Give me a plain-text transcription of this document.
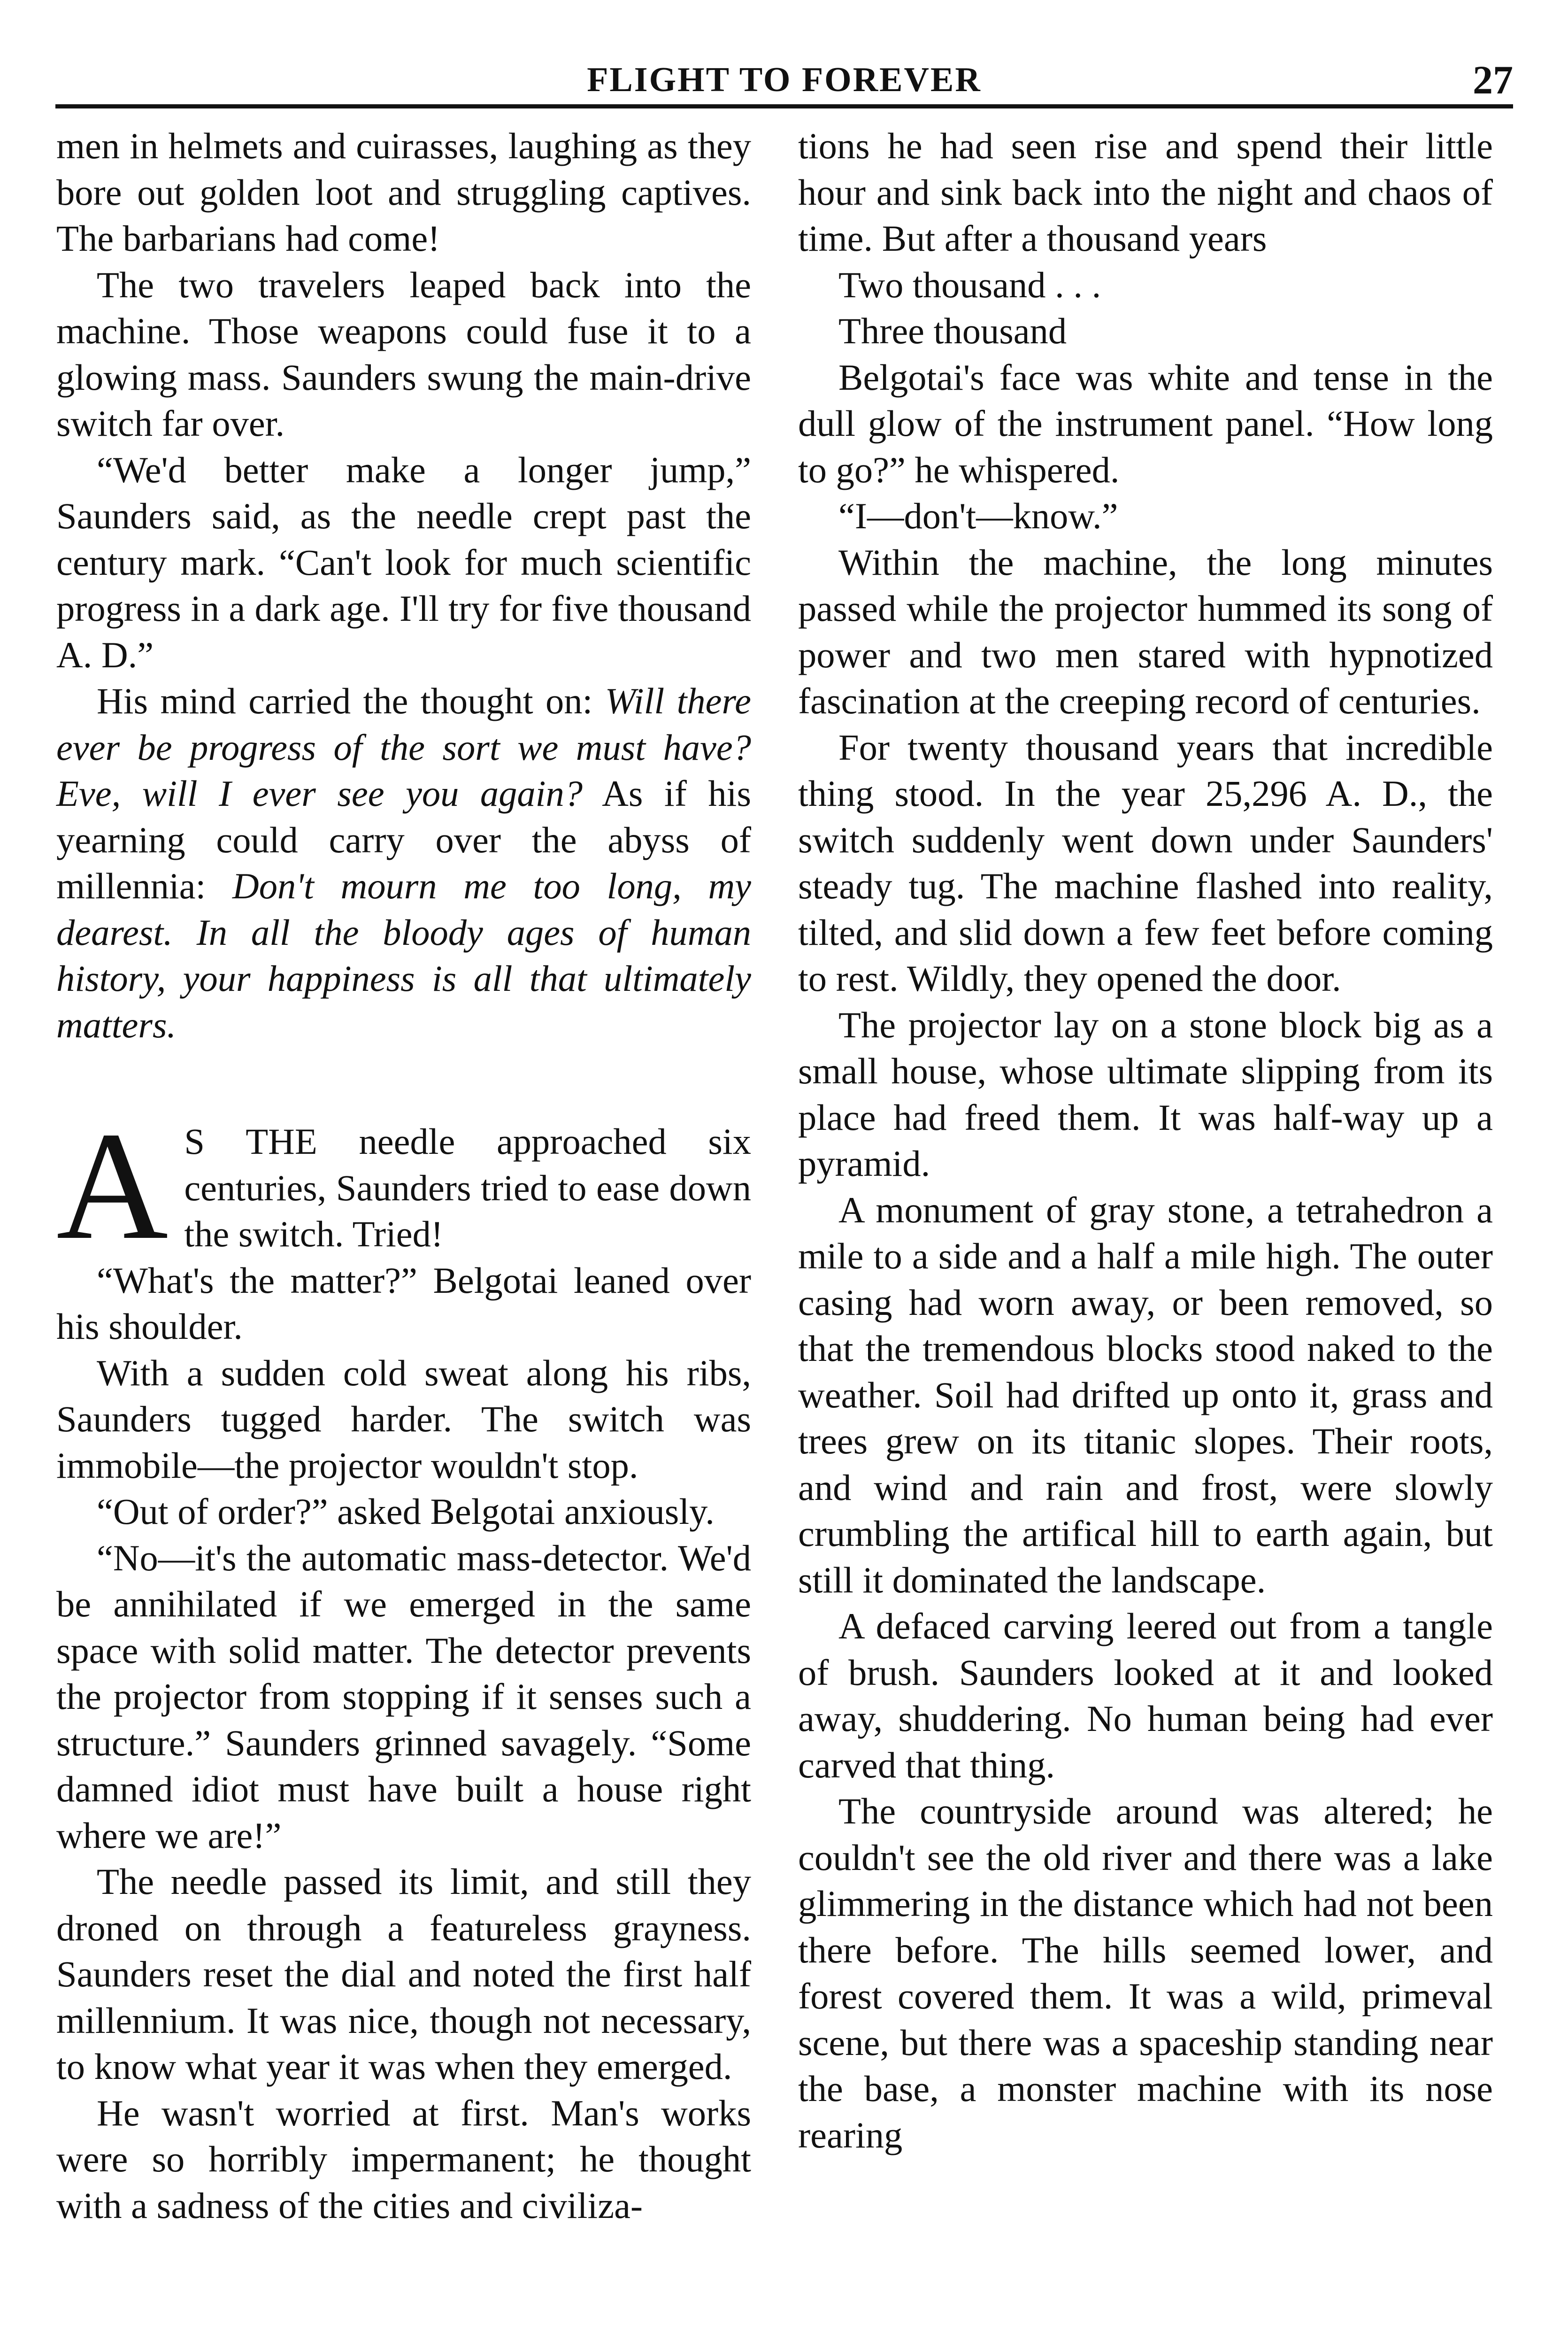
FLIGHT TO FOREVER	27

men in helmets and cuirasses, laughing as they bore out golden loot and struggling captives. The barbarians had come!

The two travelers leaped back into the machine. Those weapons could fuse it to a glowing mass. Saunders swung the main-drive switch far over.

“We'd better make a longer jump,” Saunders said, as the needle crept past the century mark. “Can't look for much scientific progress in a dark age. I'll try for five thousand A. D.”

His mind carried the thought on: Will there ever be progress of the sort we must have? Eve, will I ever see you again? As if his yearning could carry over the abyss of millennia: Don't mourn me too long, my dearest. In all the bloody ages of human history, your happiness is all that ultimately matters.

A S THE needle approached six centuries, Saunders tried to ease down the switch. Tried!

“What's the matter?” Belgotai leaned over his shoulder.

With a sudden cold sweat along his ribs, Saunders tugged harder. The switch was immobile—the projector wouldn't stop.

“Out of order?” asked Belgotai anxiously.

“No—it's the automatic mass-detector. We'd be annihilated if we emerged in the same space with solid matter. The detector prevents the projector from stopping if it senses such a structure.” Saunders grinned savagely. “Some damned idiot must have built a house right where we are!”

The needle passed its limit, and still they droned on through a featureless grayness. Saunders reset the dial and noted the first half millennium. It was nice, though not necessary, to know what year it was when they emerged.

He wasn't worried at first. Man's works were so horribly impermanent; he thought with a sadness of the cities and civiliza-

tions he had seen rise and spend their little hour and sink back into the night and chaos of time. But after a thousand years

Two thousand . . .

Three thousand

Belgotai's face was white and tense in the dull glow of the instrument panel. “How long to go?” he whispered.

“I—don't—know.”

Within the machine, the long minutes passed while the projector hummed its song of power and two men stared with hypnotized fascination at the creeping record of centuries.

For twenty thousand years that incredible thing stood. In the year 25,296 A. D., the switch suddenly went down under Saunders' steady tug. The machine flashed into reality, tilted, and slid down a few feet before coming to rest. Wildly, they opened the door.

The projector lay on a stone block big as a small house, whose ultimate slipping from its place had freed them. It was half-way up a pyramid.

A monument of gray stone, a tetrahedron a mile to a side and a half a mile high. The outer casing had worn away, or been removed, so that the tremendous blocks stood naked to the weather. Soil had drifted up onto it, grass and trees grew on its titanic slopes. Their roots, and wind and rain and frost, were slowly crumbling the artifical hill to earth again, but still it dominated the landscape.

A defaced carving leered out from a tangle of brush. Saunders looked at it and looked away, shuddering. No human being had ever carved that thing.

The countryside around was altered; he couldn't see the old river and there was a lake glimmering in the distance which had not been there before. The hills seemed lower, and forest covered them. It was a wild, primeval scene, but there was a spaceship standing near the base, a monster machine with its nose rearing
